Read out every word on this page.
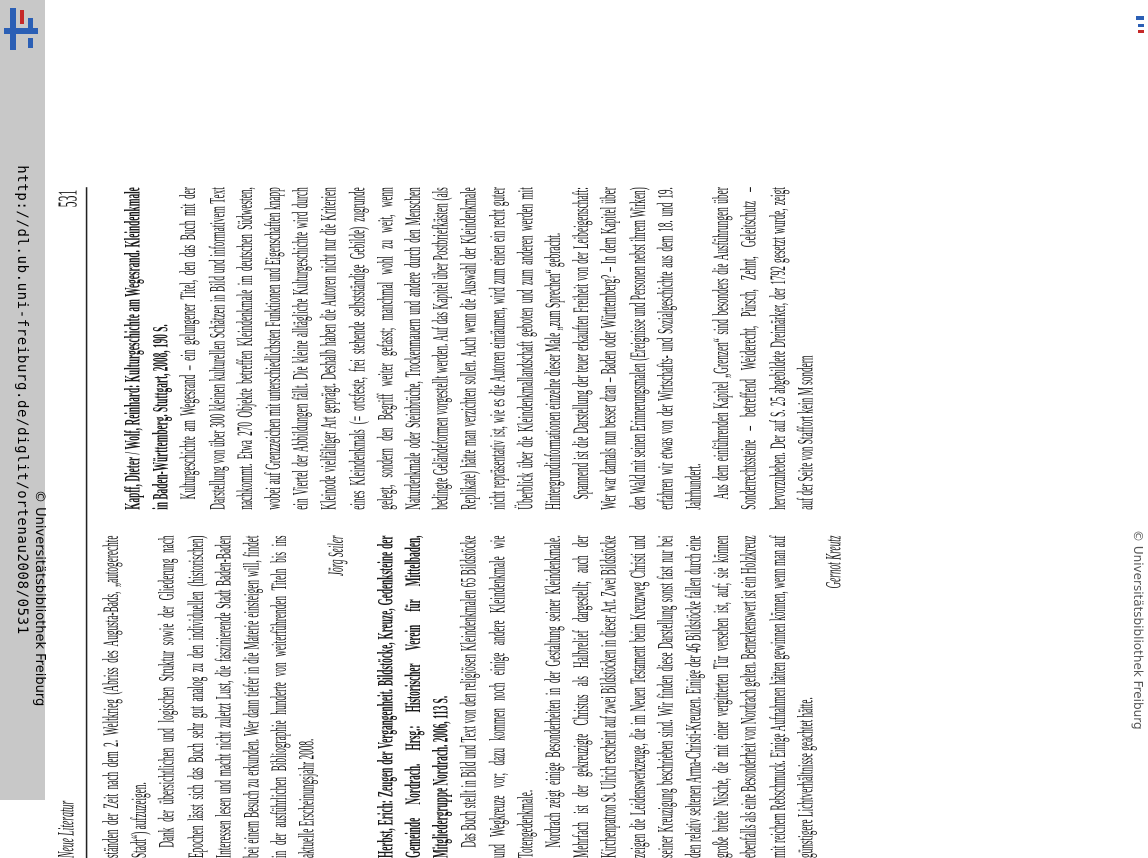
http://dl.ub.uni-freiburg.de/diglit/ortenau2008/0531 © Universitätsbibliothek Freiburg	© Universitätsbibliothek Freiburg
Neue Literatur
531

ständen der Zeit nach dem 2. Weltkrieg (Abriss des Augusta-Bads, „autogerechte Stadt“) aufzuzeigen. Dank der übersichtlichen und logischen Struktur sowie der Gliederung nach Epochen lässt sich das Buch sehr gut analog zu den individuellen (historischen) Interessen lesen und macht nicht zuletzt Lust, die faszinierende Stadt Baden-Baden bei einem Besuch zu erkunden. Wer dann tiefer in die Materie einsteigen will, findet in der ausführlichen Bibliographie hunderte von weiterführenden Titeln bis ins aktuelle Erscheinungsjahr 2008.

Jörg Seiler Herbst, Erich: Zeugen der Vergangenheit. Bildstöcke, Kreuze, Gedenksteine der Gemeinde Nordrach. Hrsg.: Historischer Verein für Mittelbaden, Mitgliedergruppe Nordrach. 2006, 113 S. Das Buch stellt in Bild und Text von den religiösen Kleindenkmalen 65 Bildstöcke und Wegkreuze vor; dazu kommen noch einige andere Kleindenkmale wie Totengedenkmale. Nordrach zeigt einige Besonderheiten in der Gestaltung seiner Kleindenkmale. Mehrfach ist der gekreuzigte Christus als Halbrelief dargestellt; auch der Kirchenpatron St. Ulrich erscheint auf zwei Bildstöcken in dieser Art. Zwei Bildstöcke zeigen die Leidenswerkzeuge, die im Neuen Testament beim Kreuzweg Christi und seiner Kreuzigung beschrieben sind. Wir finden diese Darstellung sonst fast nur bei den relativ seltenen Arma-Christi-Kreuzen. Einige der 46 Bildstöcke fallen durch eine große breite Nische, die mit einer vergitterten Tür versehen ist, auf; sie können ebenfalls als eine Besonderheit von Nordrach gelten. Bemerkenswert ist ein Holzkreuz mit reichem Rebschmuck. Einige Aufnahmen hätten gewinnen können, wenn man auf günstigere Lichtverhältnisse geachtet hätte.

Gernot Kreutz

Kapff, Dieter / Wolf, Reinhard: Kulturgeschichte am Wegesrand. Kleindenkmale in Baden-Württemberg. Stuttgart, 2008, 190 S. Kulturgeschichte am Wegesrand – ein gelungener Titel, den das Buch mit der Darstellung von über 300 kleinen kulturellen Schätzen in Bild und informativem Text nachkommt. Etwa 270 Objekte betreffen Kleindenkmale im deutschen Südwesten, wobei auf Grenzzeichen mit unterschiedlichsten Funktionen und Eigenschaften knapp ein Viertel der Abbildungen fällt. Die kleine alltägliche Kulturgeschichte wird durch Kleinode vielfältiger Art geprägt. Deshalb haben die Autoren nicht nur die Kriterien eines Kleindenkmals (= ortsfeste, frei stehende selbstständige Gebilde) zugrunde gelegt, sondern den Begriff weiter gefasst; manchmal wohl zu weit, wenn Naturdenkmale oder Steinbrüche, Trockenmauern und andere durch den Menschen bedingte Geländeformen vorgestellt werden. Auf das Kapitel über Postbriefkästen (als Replikate) hätte man verzichten sollen. Auch wenn die Auswahl der Kleindenkmale nicht repräsentativ ist, wie es die Autoren einräumen, wird zum einen ein recht guter Überblick über die Kleindenkmallandschaft geboten und zum anderen werden mit Hintergrundinformationen einzelne dieser Male „zum Sprechen“ gebracht. Spannend ist die Darstellung der teuer erkauften Freiheit von der Leibeigenschaft: Wer war damals nun besser dran – Baden oder Württemberg? – In dem Kapitel über den Wald mit seinen Erinnerungsmalen (Ereignisse und Personen nebst ihrem Wirken) erfahren wir etwas von der Wirtschafts- und Sozialgeschichte aus dem 18. und 19. Jahrhundert. Aus dem einführenden Kapitel „Grenzen“ sind besonders die Ausführungen über Sonderrechtssteine – betreffend Weiderecht, Pürsch, Zehnt, Geleitschutz – hervorzuheben. Der auf S. 25 abgebildete Dreimärker, der 1792 gesetzt wurde, zeigt auf der Seite von Staffort kein M sondern
